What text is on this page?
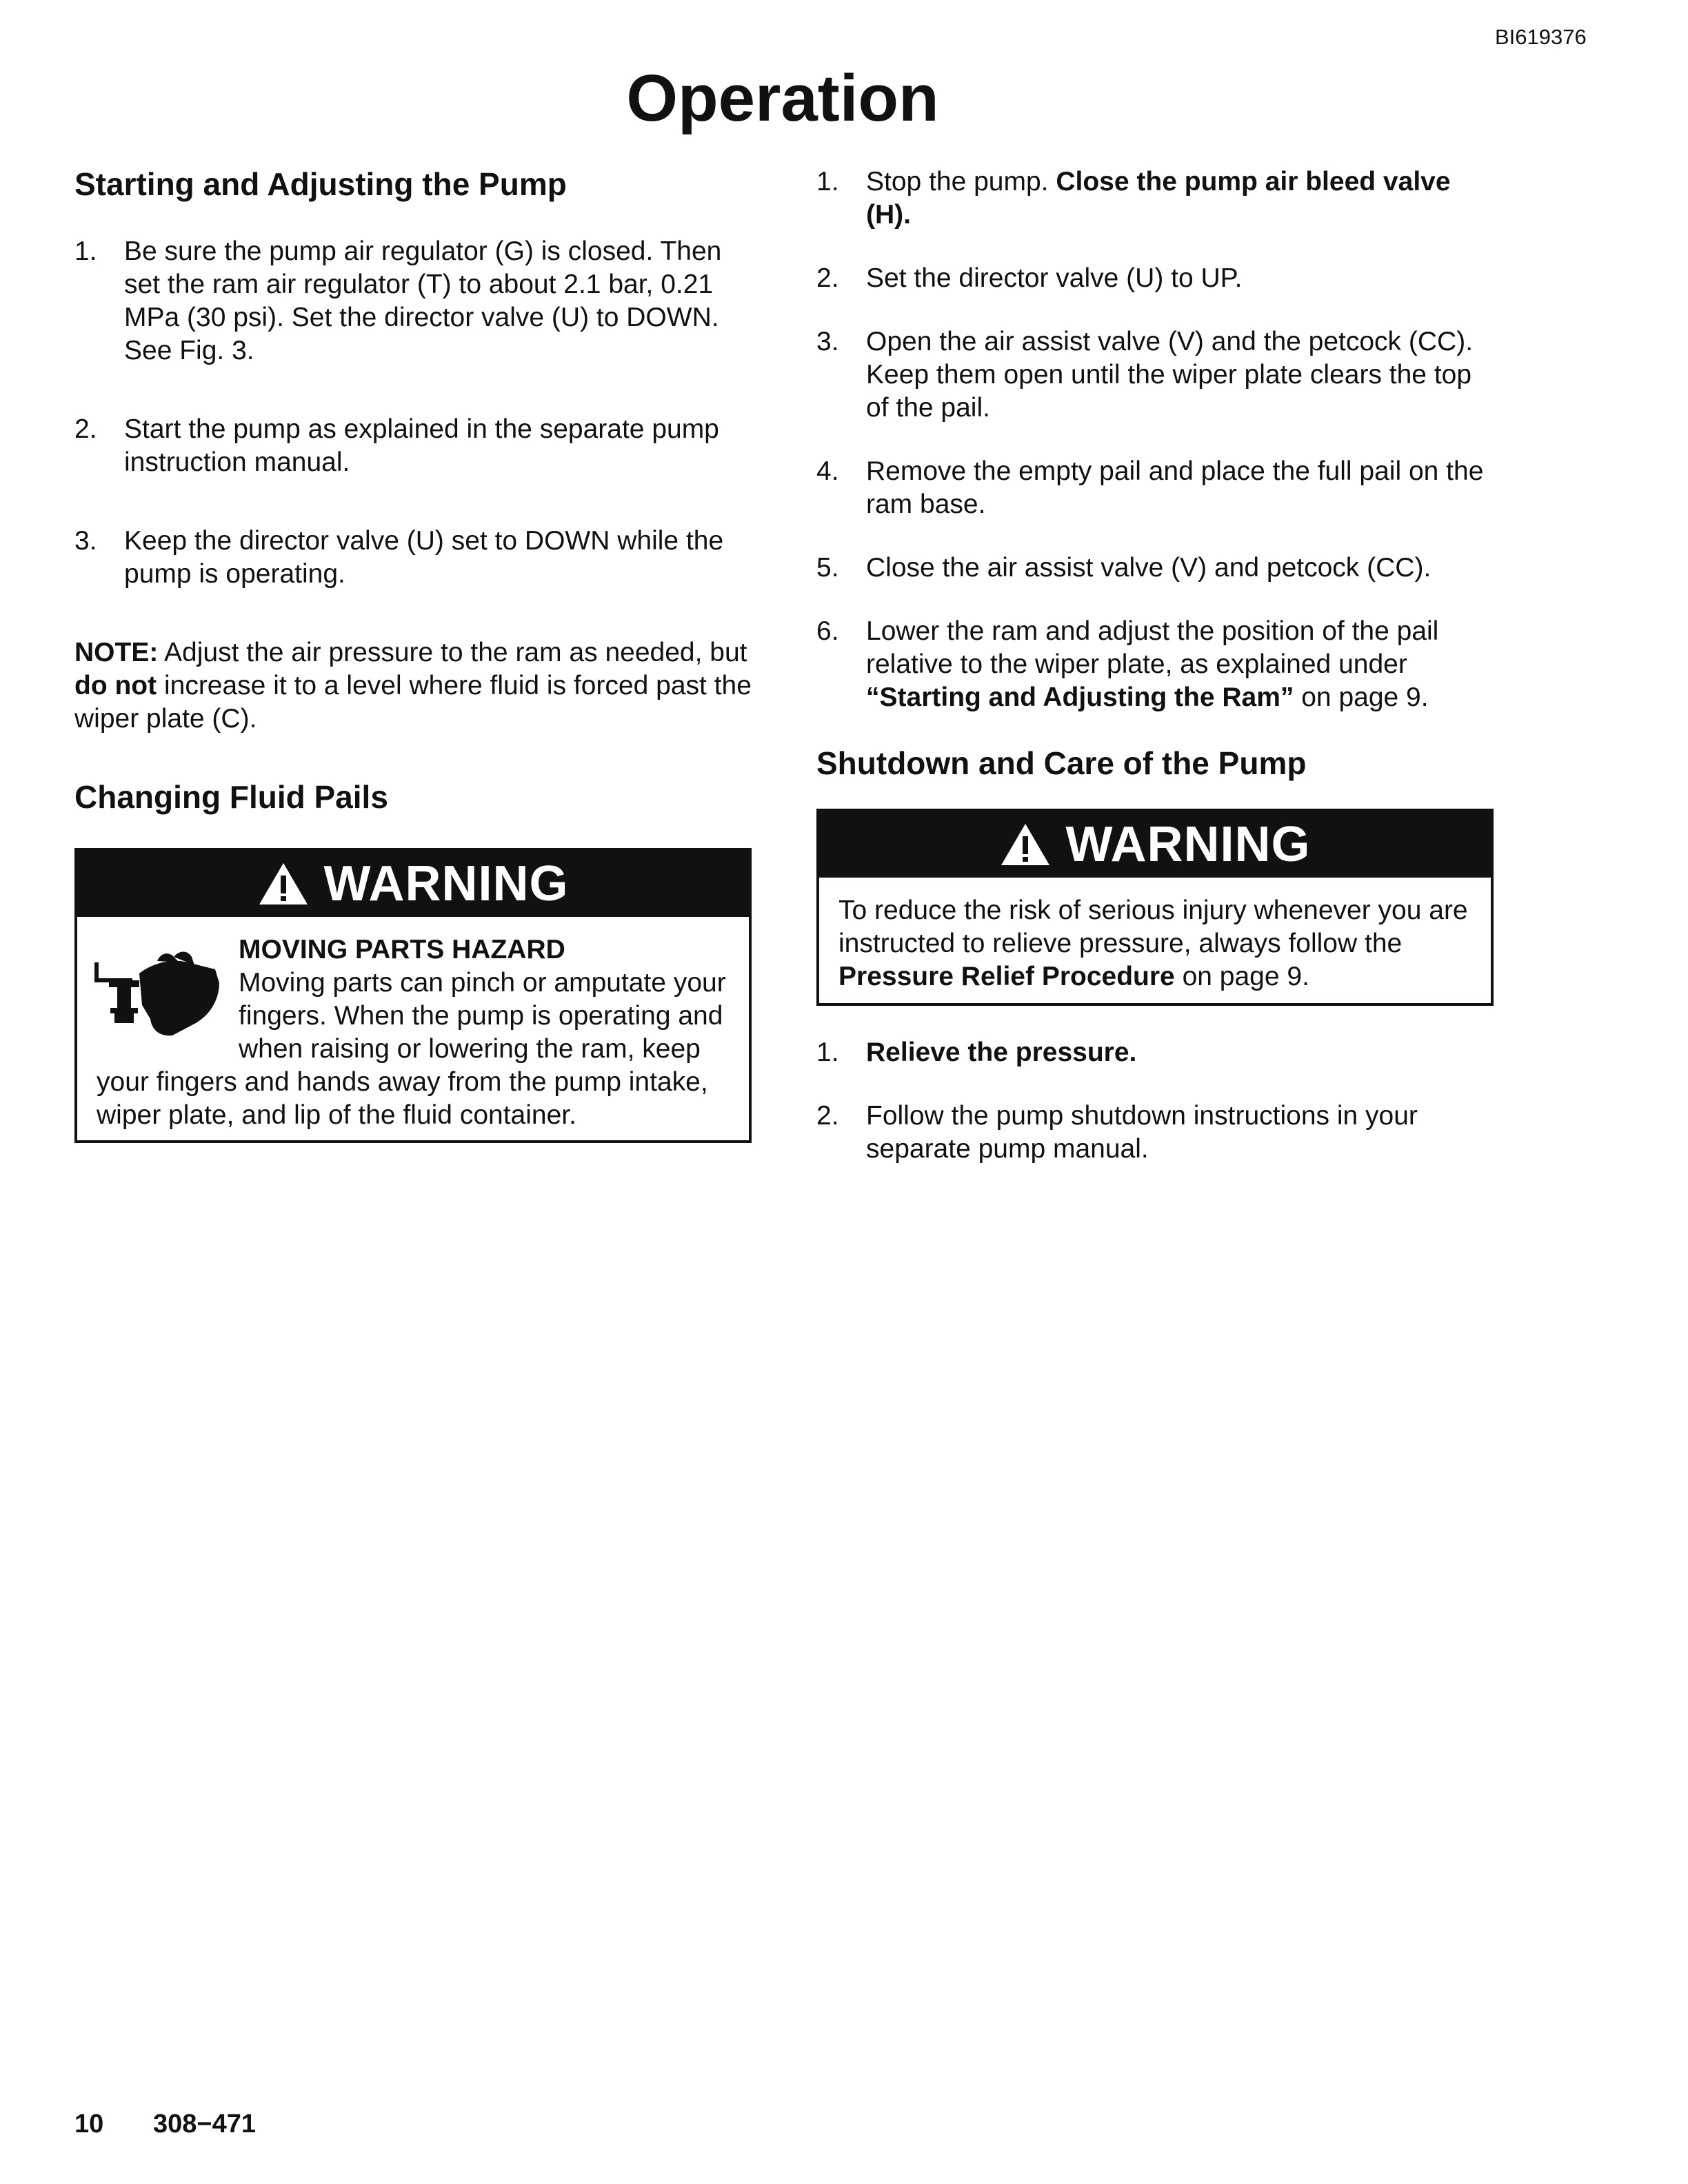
BI619376
Operation
Starting and Adjusting the Pump
1.	Be sure the pump air regulator (G) is closed. Then set the ram air regulator (T) to about 2.1 bar, 0.21 MPa (30 psi). Set the director valve (U) to DOWN. See Fig. 3.
2.	Start the pump as explained in the separate pump instruction manual.
3.	Keep the director valve (U) set to DOWN while the pump is operating.

NOTE: Adjust the air pressure to the ram as needed, but do not increase it to a level where fluid is forced past the wiper plate (C).

Changing Fluid Pails
WARNING
MOVING PARTS HAZARD
Moving parts can pinch or amputate your fingers. When the pump is operating and when raising or lowering the ram, keep your fingers and hands away from the pump intake, wiper plate, and lip of the fluid container.
1.	Stop the pump. Close the pump air bleed valve (H).
2.	Set the director valve (U) to UP.
3.	Open the air assist valve (V) and the petcock (CC). Keep them open until the wiper plate clears the top of the pail.
4.	Remove the empty pail and place the full pail on the ram base.
5.	Close the air assist valve (V) and petcock (CC).
6.	Lower the ram and adjust the position of the pail relative to the wiper plate, as explained under “Starting and Adjusting the Ram” on page 9.
Shutdown and Care of the Pump
WARNING
To reduce the risk of serious injury whenever you are instructed to relieve pressure, always follow the Pressure Relief Procedure on page 9.
1.	Relieve the pressure.
2.	Follow the pump shutdown instructions in your separate pump manual.
10 308−471
